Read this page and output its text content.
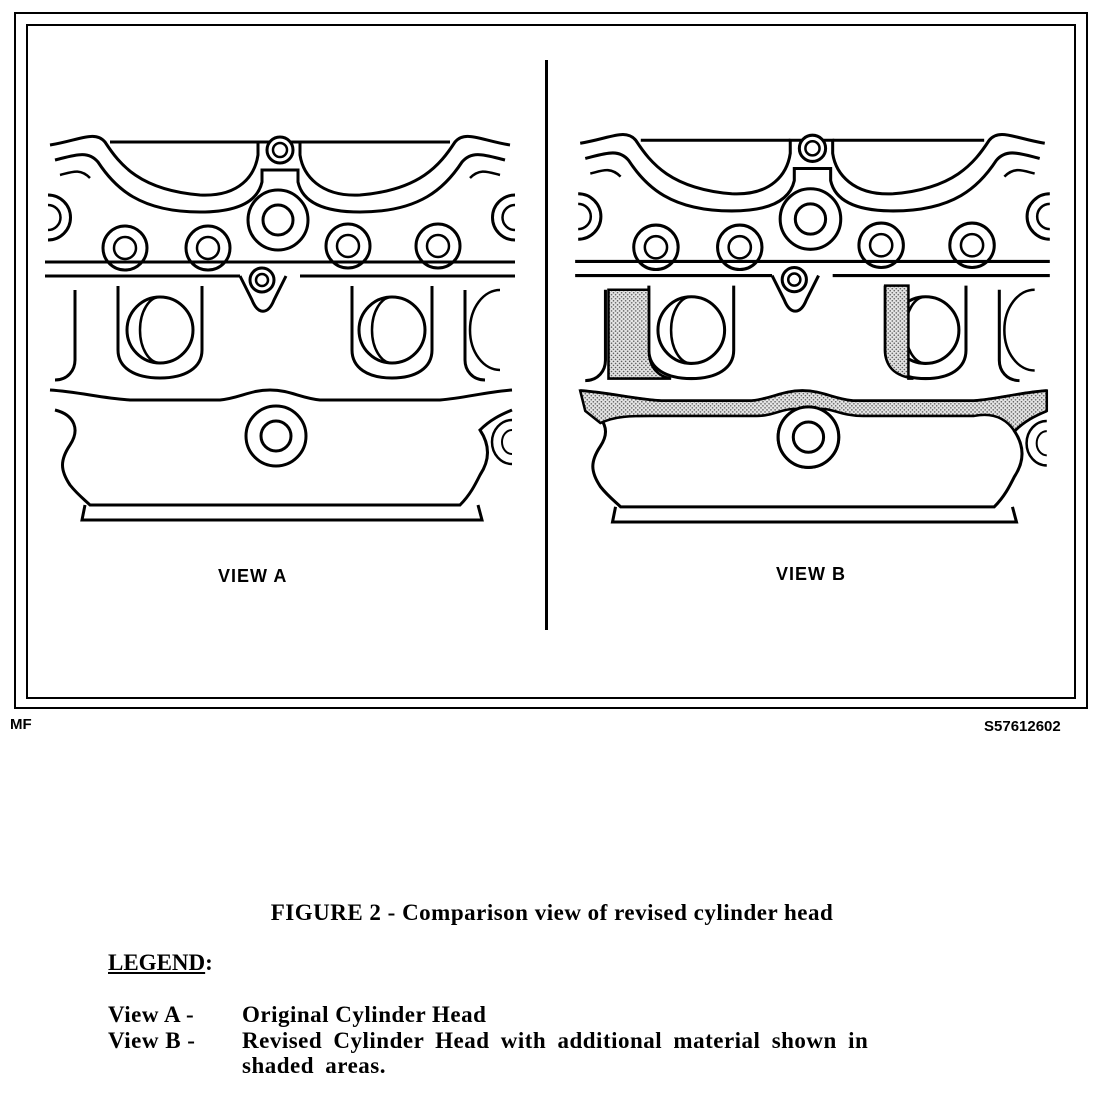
VIEW A	VIEW B
MF	S57612602
FIGURE 2 - Comparison view of revised cylinder head
LEGEND:
View A - Original Cylinder Head
View B - Revised Cylinder Head with additional material shown in shaded areas.
